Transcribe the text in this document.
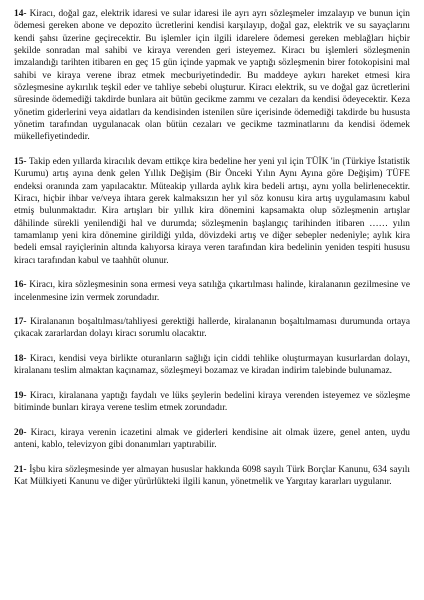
14- Kiracı, doğal gaz, elektrik idaresi ve sular idaresi ile ayrı ayrı sözleşmeler imzalayıp ve bunun için ödemesi gereken abone ve depozito ücretlerini kendisi karşılayıp, doğal gaz, elektrik ve su sayaçlarını kendi şahsı üzerine geçirecektir. Bu işlemler için ilgili idarelere ödemesi gereken meblağları hiçbir şekilde sonradan mal sahibi ve kiraya verenden geri isteyemez. Kiracı bu işlemleri sözleşmenin imzalandığı tarihten itibaren en geç 15 gün içinde yapmak ve yaptığı sözleşmenin birer fotokopisini mal sahibi ve kiraya verene ibraz etmek mecburiyetindedir. Bu maddeye aykırı hareket etmesi kira sözleşmesine aykırılık teşkil eder ve tahliye sebebi oluşturur. Kiracı elektrik, su ve doğal gaz ücretlerini süresinde ödemediği takdirde bunlara ait bütün gecikme zammı ve cezaları da kendisi ödeyecektir. Keza yönetim giderlerini veya aidatları da kendisinden istenilen süre içerisinde ödemediği takdirde bu hususta yönetim tarafından uygulanacak olan bütün cezaları ve gecikme tazminatlarını da kendisi ödemek mükellefiyetindedir.

15- Takip eden yıllarda kiracılık devam ettikçe kira bedeline her yeni yıl için TÜİK 'in (Türkiye İstatistik Kurumu) artış ayına denk gelen Yıllık Değişim (Bir Önceki Yılın Aynı Ayına göre Değişim) TÜFE endeksi oranında zam yapılacaktır. Müteakip yıllarda aylık kira bedeli artışı, aynı yolla belirlenecektir. Kiracı, hiçbir ihbar ve/veya ihtara gerek kalmaksızın her yıl söz konusu kira artış uygulamasını kabul etmiş bulunmaktadır. Kira artışları bir yıllık kira dönemini kapsamakta olup sözleşmenin artışlar dâhilinde sürekli yenilendiği hal ve durumda; sözleşmenin başlangıç tarihinden itibaren …… yılın tamamlanıp yeni kira dönemine girildiği yılda, dövizdeki artış ve diğer sebepler nedeniyle; aylık kira bedeli emsal rayiçlerinin altında kalıyorsa kiraya veren tarafından kira bedelinin yeniden tespiti hususu kiracı tarafından kabul ve taahhüt olunur.

16- Kiracı, kira sözleşmesinin sona ermesi veya satılığa çıkartılması halinde, kiralananın gezilmesine ve incelenmesine izin vermek zorundadır.

17- Kiralananın boşaltılması/tahliyesi gerektiği hallerde, kiralananın boşaltılmaması durumunda ortaya çıkacak zararlardan dolayı kiracı sorumlu olacaktır.

18- Kiracı, kendisi veya birlikte oturanların sağlığı için ciddi tehlike oluşturmayan kusurlardan dolayı, kiralananı teslim almaktan kaçınamaz, sözleşmeyi bozamaz ve kiradan indirim talebinde bulunamaz.

19- Kiracı, kiralanana yaptığı faydalı ve lüks şeylerin bedelini kiraya verenden isteyemez ve sözleşme bitiminde bunları kiraya verene teslim etmek zorundadır.

20- Kiracı, kiraya verenin icazetini almak ve giderleri kendisine ait olmak üzere, genel anten, uydu anteni, kablo, televizyon gibi donanımları yaptırabilir.

21- İşbu kira sözleşmesinde yer almayan hususlar hakkında 6098 sayılı Türk Borçlar Kanunu, 634 sayılı Kat Mülkiyeti Kanunu ve diğer yürürlükteki ilgili kanun, yönetmelik ve Yargıtay kararları uygulanır.
